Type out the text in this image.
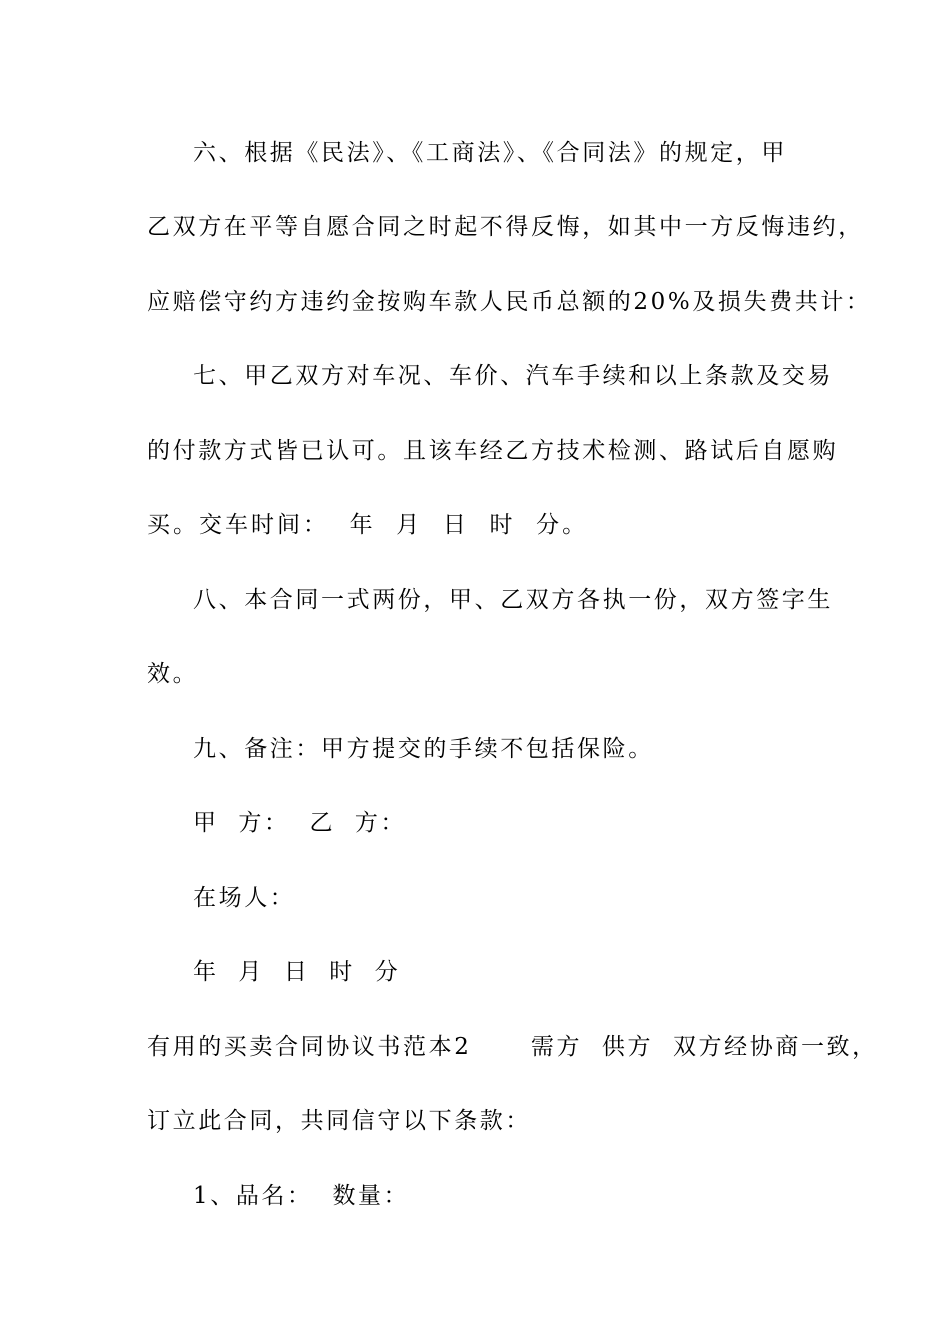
六、根据《民法》、《工商法》、《合同法》的规定，甲
乙双方在平等自愿合同之时起不得反悔，如其中一方反悔违约，
应赔偿守约方违约金按购车款人民币总额的20%及损失费共计：
七、甲乙双方对车况、车价、汽车手续和以上条款及交易
的付款方式皆已认可。且该车经乙方技术检测、路试后自愿购
买。交车时间：  年  月  日  时  分。
八、本合同一式两份，甲、乙双方各执一份，双方签字生
效。
九、备注：甲方提交的手续不包括保险。
甲  方：  乙  方：
在场人：
年  月  日  时  分
有用的买卖合同协议书范本2      需方  供方  双方经协商一致，
订立此合同，共同信守以下条款：
1、品名：  数量：
